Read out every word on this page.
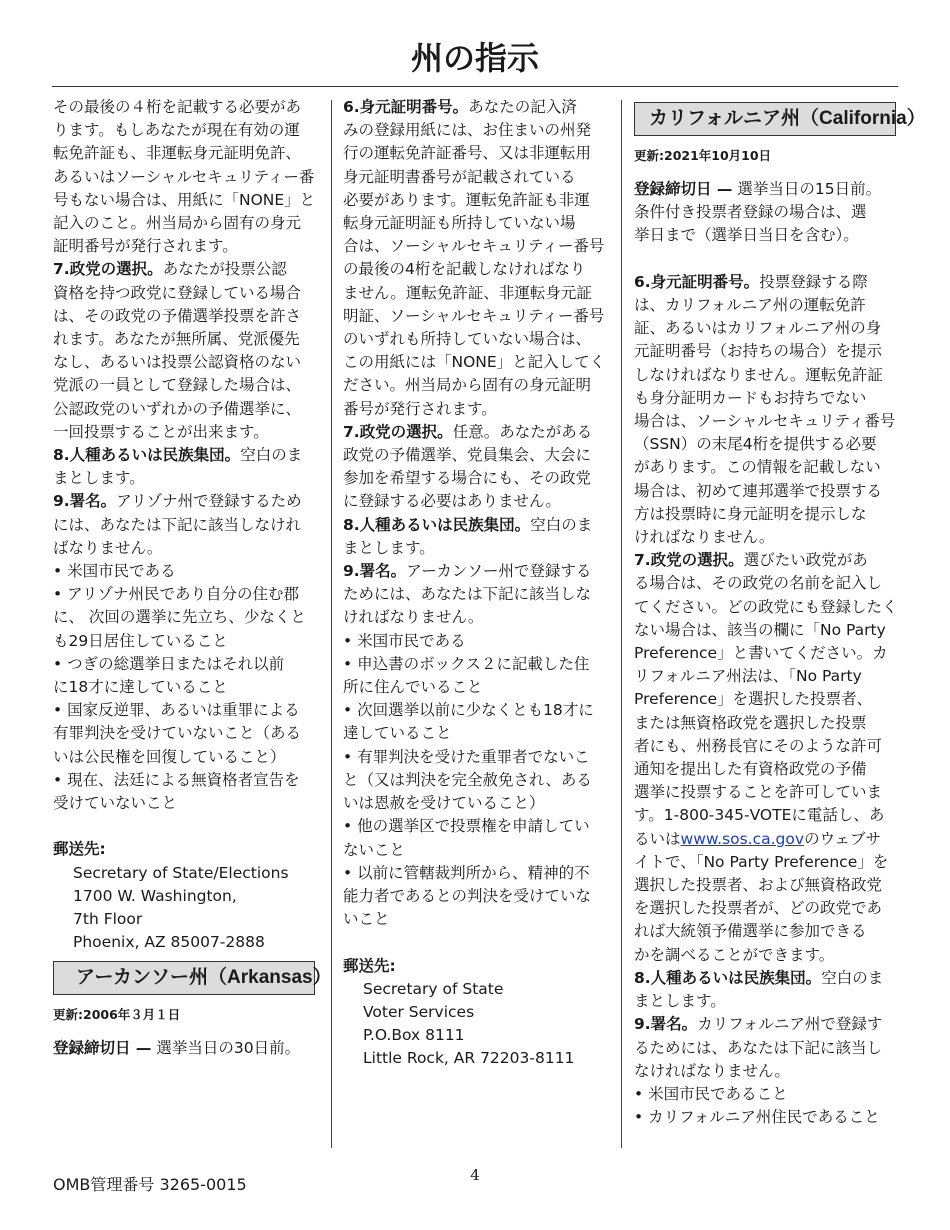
州の指示

その最後の４桁を記載する必要があ

ります。もしあなたが現在有効の運

転免許証も、非運転身元証明免許、

あるいはソーシャルセキュリティー番

号もない場合は、用紙に「NONE」と

記入のこと。州当局から固有の身元

証明番号が発行されます。

7.政党の選択。あなたが投票公認

資格を持つ政党に登録している場合

は、その政党の予備選挙投票を許さ

れます。あなたが無所属、党派優先

なし、あるいは投票公認資格のない

党派の一員として登録した場合は、

公認政党のいずれかの予備選挙に、

一回投票することが出来ます。

8.人種あるいは民族集団。空白のま

まとします。

9.署名。アリゾナ州で登録するため

には、あなたは下記に該当しなけれ

ばなりません。

• 米国市民である

• アリゾナ州民であり自分の住む郡

に、 次回の選挙に先立ち、少なくと

も29日居住していること

• つぎの総選挙日またはそれ以前

に18才に達していること

• 国家反逆罪、あるいは重罪による

有罪判決を受けていないこと（ある

いは公民権を回復していること）

• 現在、法廷による無資格者宣告を

受けていないこと

郵送先:

Secretary of State/Elections

1700 W. Washington,

7th Floor

Phoenix, AZ 85007-2888

アーカンソー州（Arkansas）

更新:2006年３月１日

登録締切日 — 選挙当日の30日前。

6.身元証明番号。あなたの記入済

みの登録用紙には、お住まいの州発

行の運転免許証番号、又は非運転用

身元証明書番号が記載されている

必要があります。運転免許証も非運

転身元証明証も所持していない場

合は、ソーシャルセキュリティー番号

の最後の4桁を記載しなければなり

ません。運転免許証、非運転身元証

明証、ソーシャルセキュリティー番号

のいずれも所持していない場合は、

この用紙には「NONE」と記入してく

ださい。州当局から固有の身元証明

番号が発行されます。

7.政党の選択。任意。あなたがある

政党の予備選挙、党員集会、大会に

参加を希望する場合にも、その政党

に登録する必要はありません。

8.人種あるいは民族集団。空白のま

まとします。

9.署名。アーカンソー州で登録する

ためには、あなたは下記に該当しな

ければなりません。

• 米国市民である

• 申込書のボックス２に記載した住

所に住んでいること

• 次回選挙以前に少なくとも18才に

達していること

• 有罪判決を受けた重罪者でないこ

と（又は判決を完全赦免され、ある

いは恩赦を受けていること）

• 他の選挙区で投票権を申請してい

ないこと

• 以前に管轄裁判所から、精神的不

能力者であるとの判決を受けていな

いこと

郵送先:

Secretary of State

Voter Services

P.O.Box 8111

Little Rock, AR 72203-8111

カリフォルニア州（California）

更新:2021年10月10日

登録締切日 — 選挙当日の15日前。

条件付き投票者登録の場合は、選

挙日まで（選挙日当日を含む）。

6.身元証明番号。投票登録する際

は、カリフォルニア州の運転免許

証、あるいはカリフォルニア州の身

元証明番号（お持ちの場合）を提示

しなければなりません。運転免許証

も身分証明カードもお持ちでない

場合は、ソーシャルセキュリティ番号

（SSN）の末尾4桁を提供する必要

があります。この情報を記載しない

場合は、初めて連邦選挙で投票する

方は投票時に身元証明を提示しな

ければなりません。

7.政党の選択。選びたい政党があ

る場合は、その政党の名前を記入し

てください。どの政党にも登録したく

ない場合は、該当の欄に「No Party

Preference」と書いてください。カ

リフォルニア州法は、「No Party

Preference」を選択した投票者、

または無資格政党を選択した投票

者にも、州務長官にそのような許可

通知を提出した有資格政党の予備

選挙に投票することを許可していま

す。1-800-345-VOTEに電話し、あ

るいはwww.sos.ca.govのウェブサ

イトで、「No Party Preference」を

選択した投票者、および無資格政党

を選択した投票者が、どの政党であ

れば大統領予備選挙に参加できる

かを調べることができます。

8.人種あるいは民族集団。空白のま

まとします。

9.署名。カリフォルニア州で登録す

るためには、あなたは下記に該当し

なければなりません。

• 米国市民であること

• カリフォルニア州住民であること

OMB管理番号 3265-0015	4
